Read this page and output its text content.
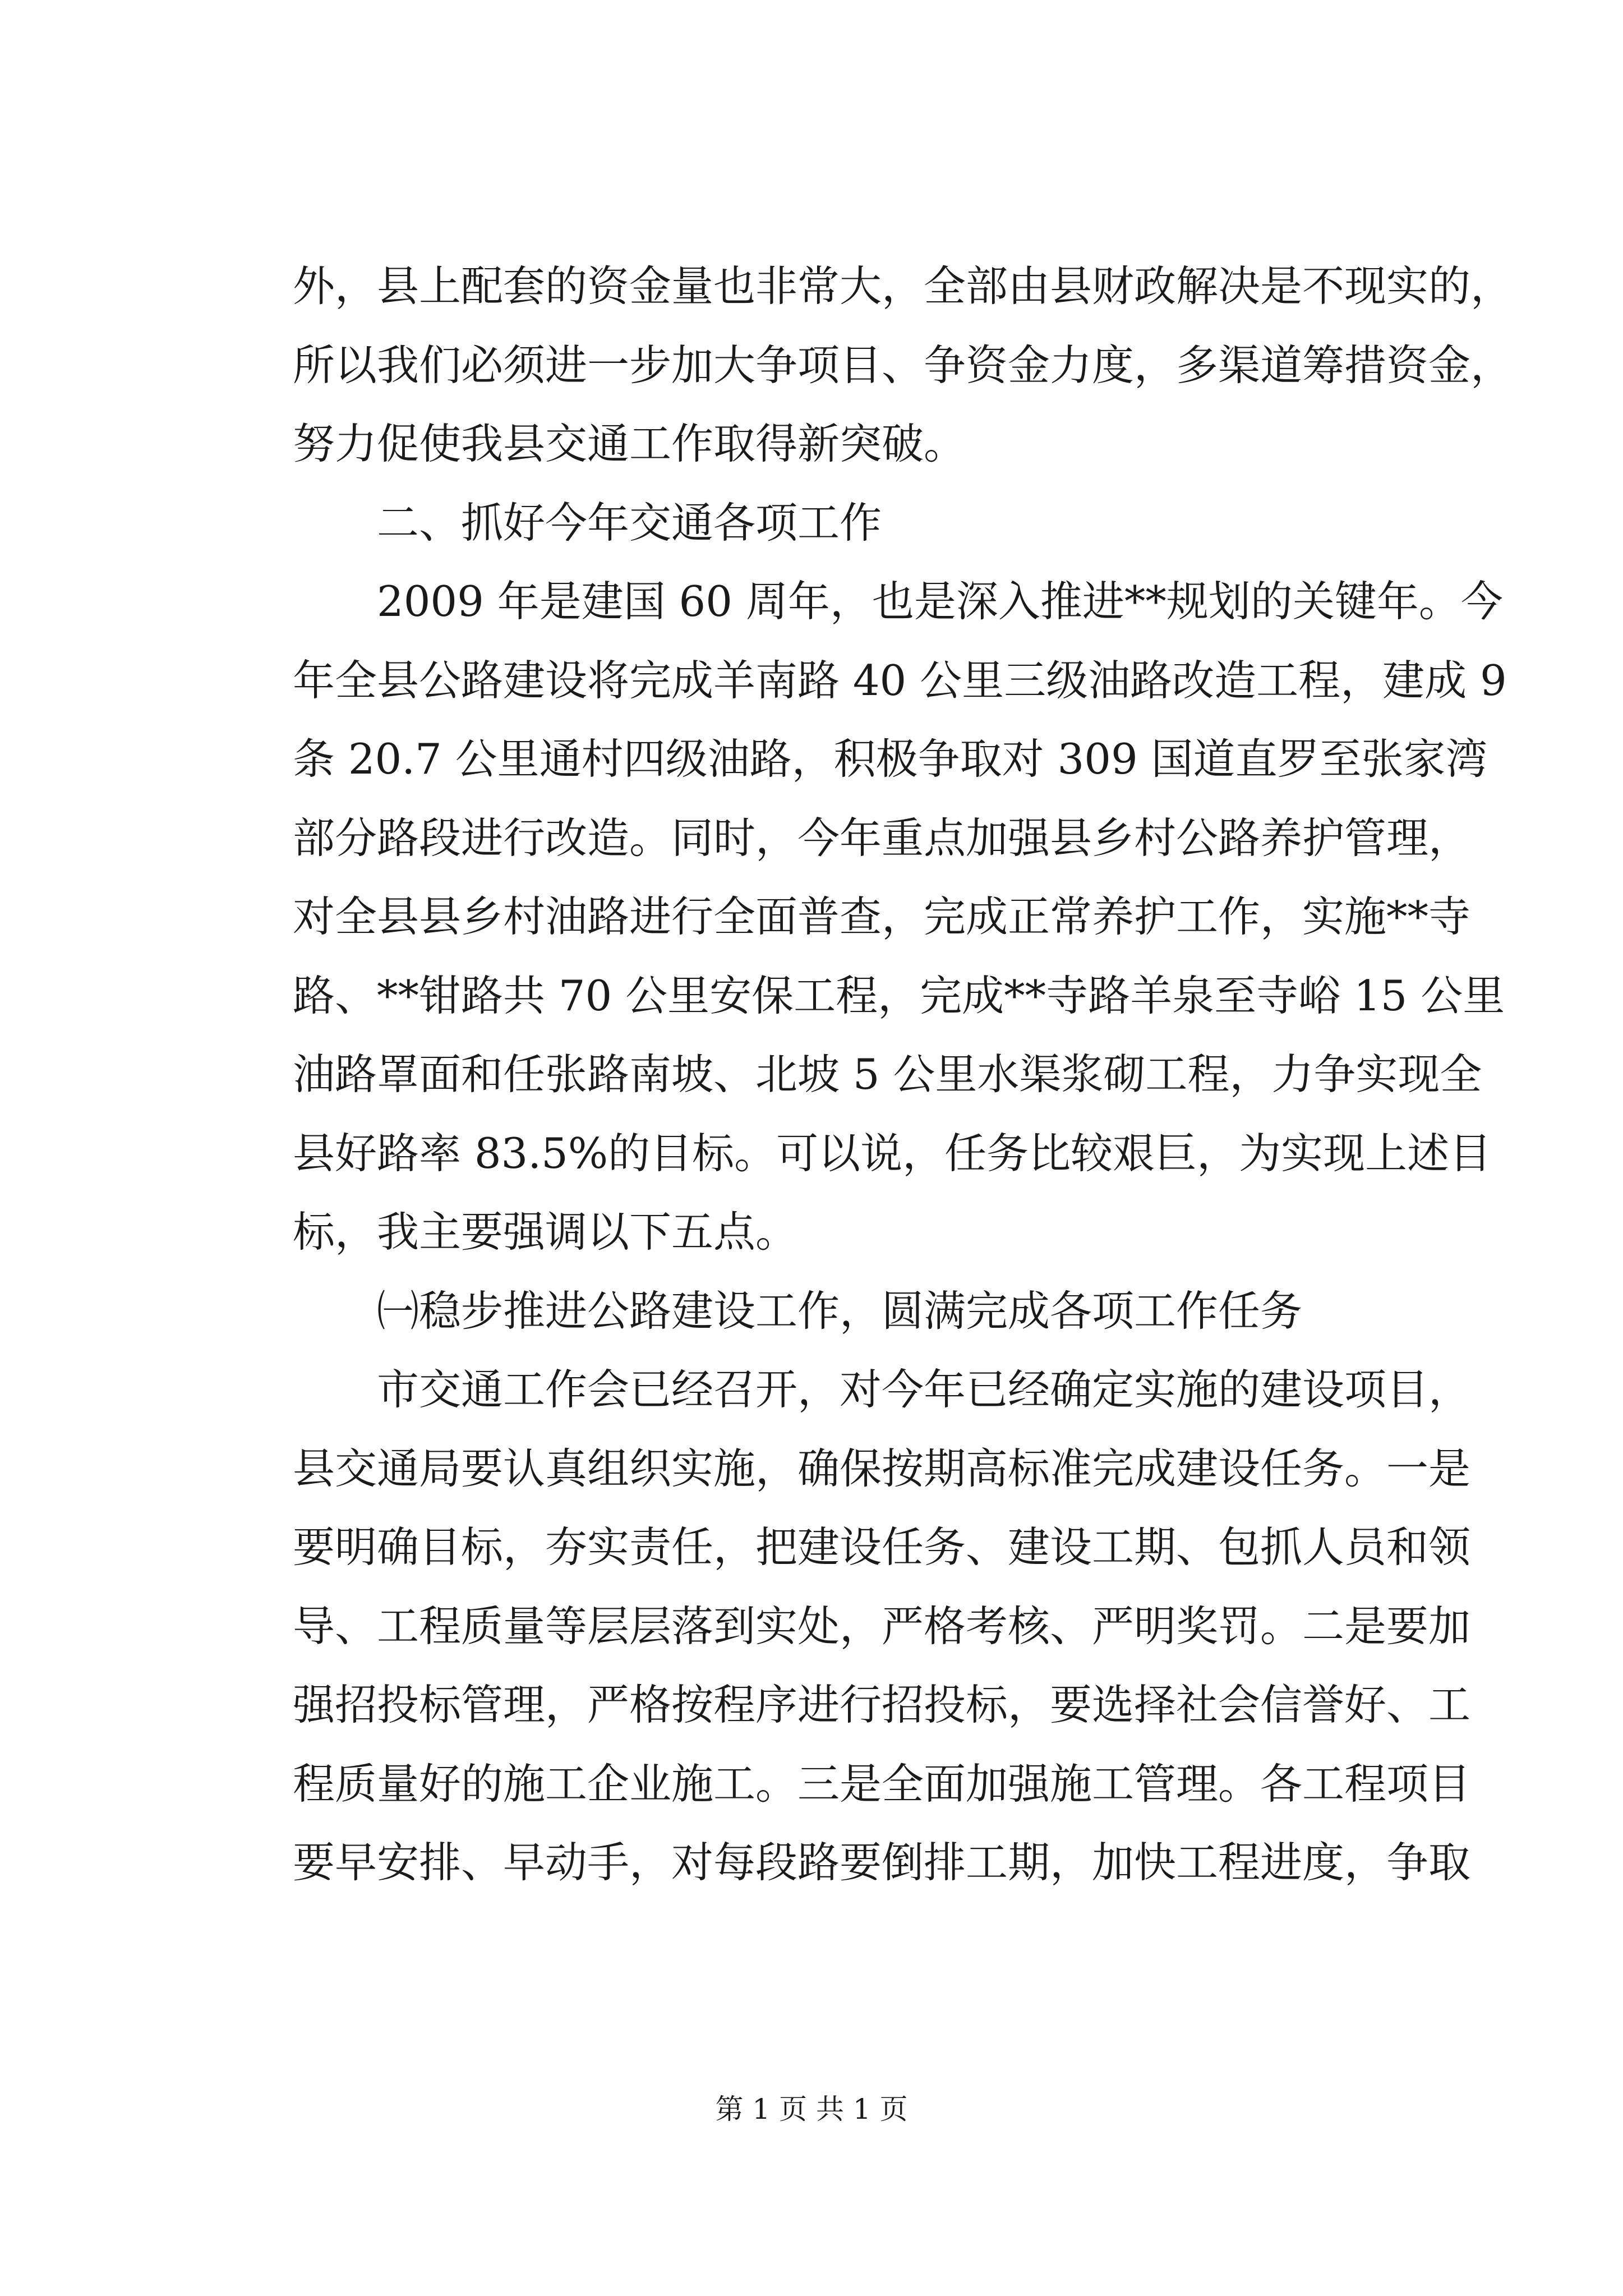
外，县上配套的资金量也非常大，全部由县财政解决是不现实的，
所以我们必须进一步加大争项目、争资金力度，多渠道筹措资金，
努力促使我县交通工作取得新突破。
二、抓好今年交通各项工作
2009 年是建国 60 周年，也是深入推进**规划的关键年。今
年全县公路建设将完成羊南路 40 公里三级油路改造工程，建成 9
条 20.7 公里通村四级油路，积极争取对 309 国道直罗至张家湾
部分路段进行改造。同时，今年重点加强县乡村公路养护管理，
对全县县乡村油路进行全面普查，完成正常养护工作，实施**寺
路、**钳路共 70 公里安保工程，完成**寺路羊泉至寺峪 15 公里
油路罩面和任张路南坡、北坡 5 公里水渠浆砌工程，力争实现全
县好路率 83.5%的目标。可以说，任务比较艰巨，为实现上述目
标，我主要强调以下五点。
㈠稳步推进公路建设工作，圆满完成各项工作任务
市交通工作会已经召开，对今年已经确定实施的建设项目，
县交通局要认真组织实施，确保按期高标准完成建设任务。一是
要明确目标，夯实责任，把建设任务、建设工期、包抓人员和领
导、工程质量等层层落到实处，严格考核、严明奖罚。二是要加
强招投标管理，严格按程序进行招投标，要选择社会信誉好、工
程质量好的施工企业施工。三是全面加强施工管理。各工程项目
要早安排、早动手，对每段路要倒排工期，加快工程进度，争取
第 1 页 共 1 页
